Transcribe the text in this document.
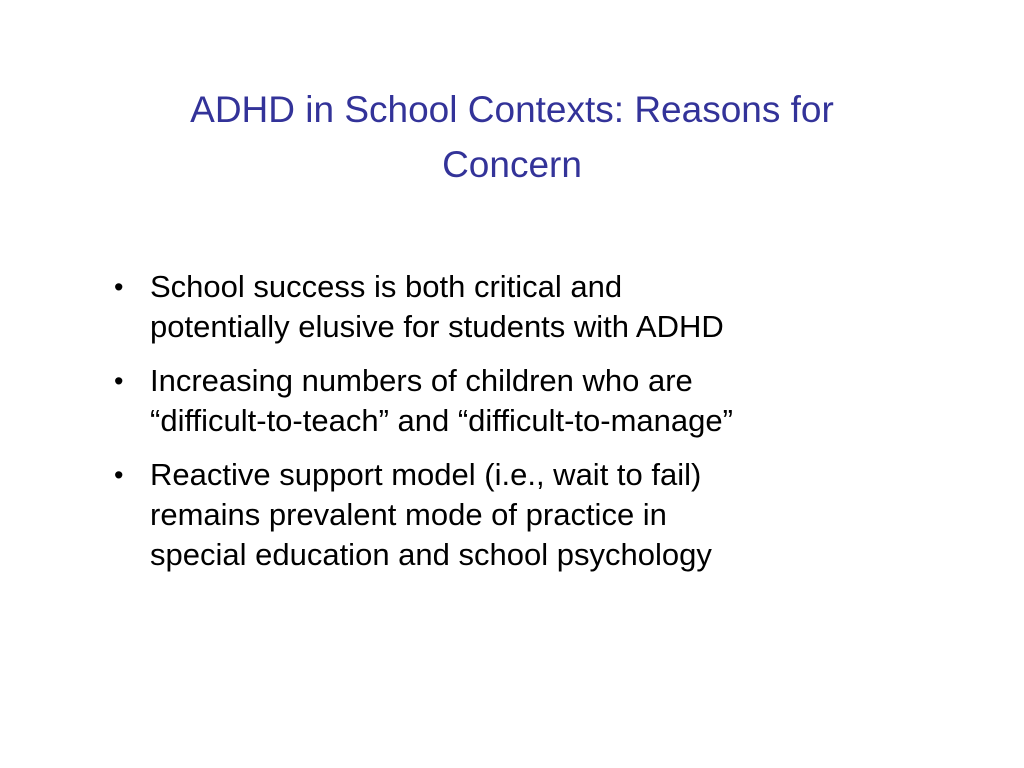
ADHD in School Contexts: Reasons for
Concern
• School success is both critical and
potentially elusive for students with ADHD
• Increasing numbers of children who are
“difficult-to-teach” and “difficult-to-manage”
• Reactive support model (i.e., wait to fail)
remains prevalent mode of practice in
special education and school psychology
